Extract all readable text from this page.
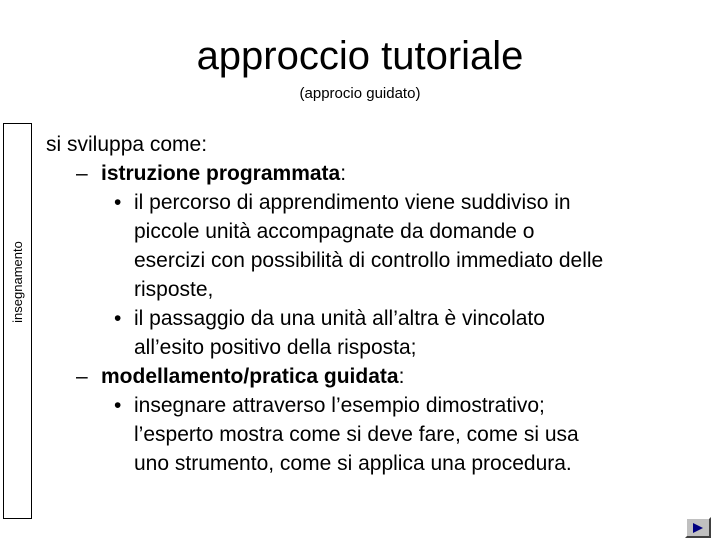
approccio tutoriale
(approcio guidato)
insegnamento

si sviluppa come:

– istruzione programmata:

• il percorso di apprendimento viene suddiviso in

piccole unità accompagnate da domande o

esercizi con possibilità di controllo immediato delle

risposte,

• il passaggio da una unità all’altra è vincolato

all’esito positivo della risposta;

– modellamento/pratica guidata:

• insegnare attraverso l’esempio dimostrativo;

l’esperto mostra come si deve fare, come si usa

uno strumento, come si applica una procedura.
